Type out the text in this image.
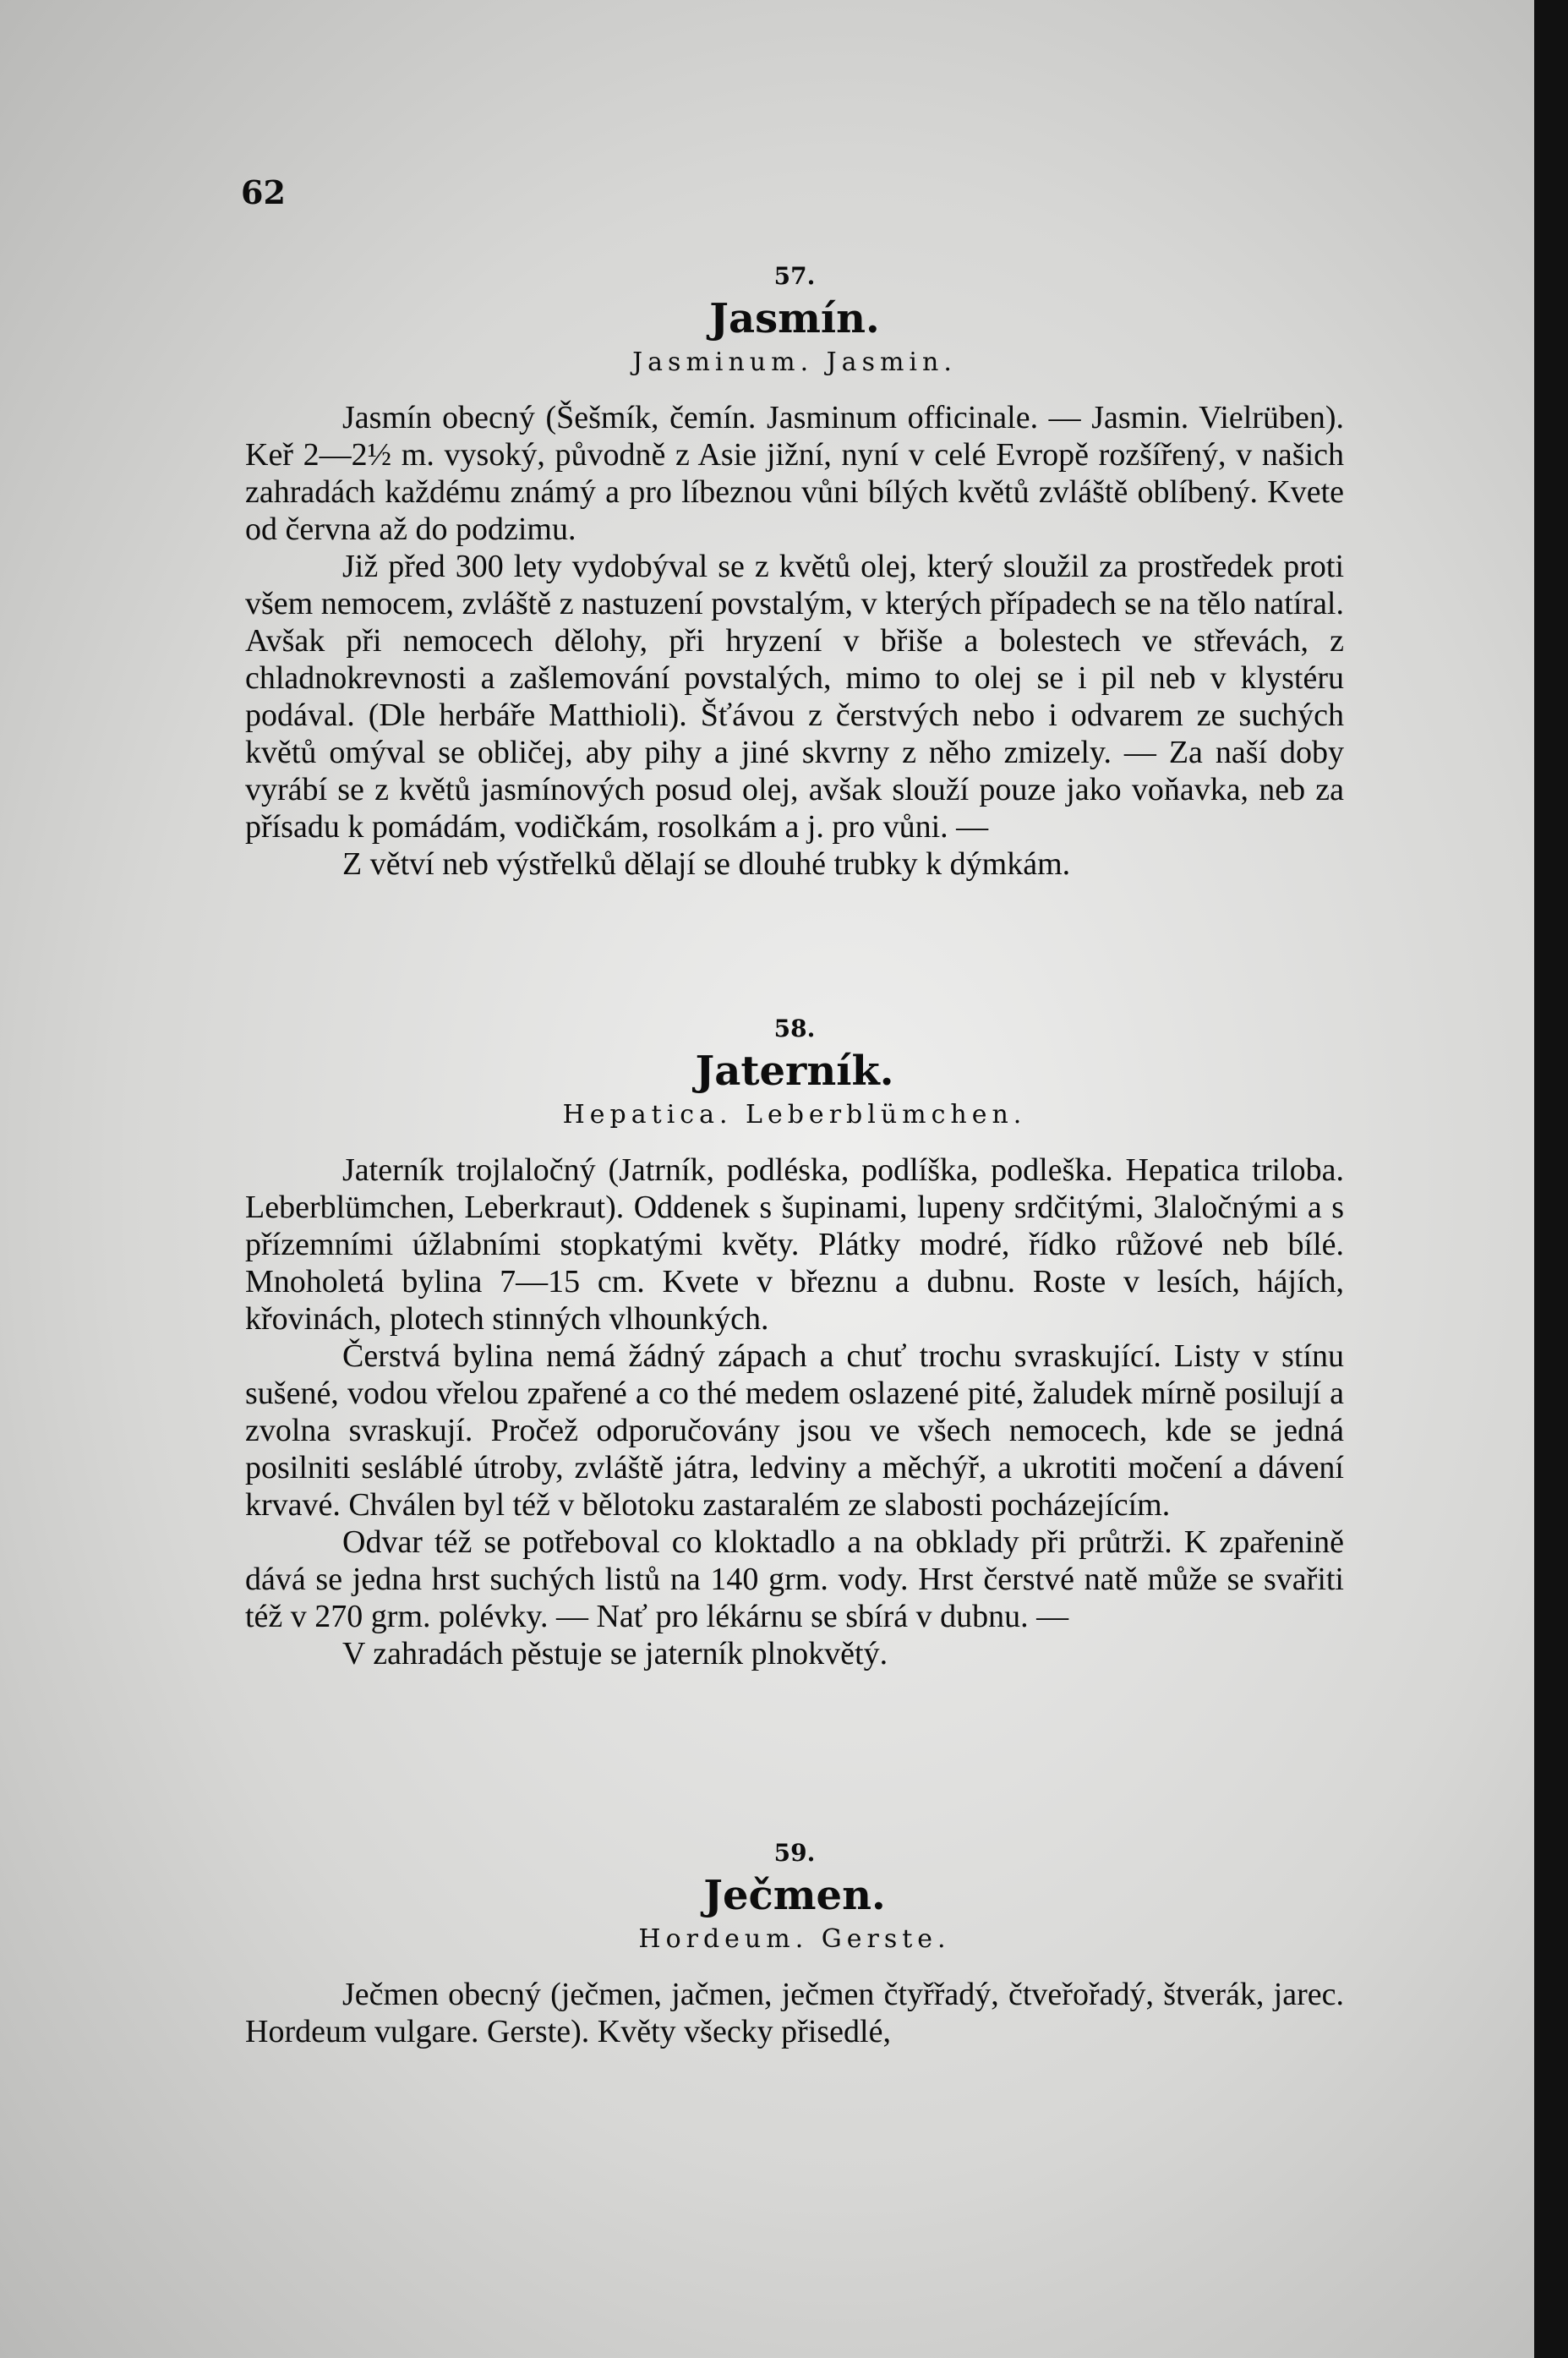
62
57.
Jasmín.
Jasminum. Jasmin.

Jasmín obecný (Šešmík, čemín. Jasminum officinale. — Jasmin. Vielrüben). Keř 2—2½ m. vysoký, původně z Asie jižní, nyní v celé Evropě rozšířený, v našich zahradách každému známý a pro líbeznou vůni bílých květů zvláště oblíbený. Kvete od června až do podzimu.

Již před 300 lety vydobýval se z květů olej, který sloužil za prostředek proti všem nemocem, zvláště z nastuzení povstalým, v kterých případech se na tělo natíral. Avšak při nemocech dělohy, při hryzení v břiše a bolestech ve střevách, z chladnokrevnosti a zašlemování povstalých, mimo to olej se i pil neb v klystéru podával. (Dle herbáře Matthioli). Šťávou z čerstvých nebo i odvarem ze suchých květů omýval se obličej, aby pihy a jiné skvrny z něho zmizely. — Za naší doby vyrábí se z květů jasmínových posud olej, avšak slouží pouze jako voňavka, neb za přísadu k pomádám, vodičkám, rosolkám a j. pro vůni. —

Z větví neb výstřelků dělají se dlouhé trubky k dýmkám.

58.
Jaterník.
Hepatica. Leberblümchen.

Jaterník trojlaločný (Jatrník, podléska, podlíška, podleška. Hepatica triloba. Leberblümchen, Leberkraut). Oddenek s šupinami, lupeny srdčitými, 3laločnými a s přízemními úžlabními stopkatými květy. Plátky modré, řídko růžové neb bílé. Mnoholetá bylina 7—15 cm. Kvete v březnu a dubnu. Roste v lesích, hájích, křovinách, plotech stinných vlhounkých.

Čerstvá bylina nemá žádný zápach a chuť trochu svraskující. Listy v stínu sušené, vodou vřelou zpařené a co thé medem oslazené pité, žaludek mírně posilují a zvolna svraskují. Pročež odporučovány jsou ve všech nemocech, kde se jedná posilniti sesláblé útroby, zvláště játra, ledviny a měchýř, a ukrotiti močení a dávení krvavé. Chválen byl též v bělotoku zastaralém ze slabosti pocházejícím.

Odvar též se potřeboval co kloktadlo a na obklady při průtrži. K zpařenině dává se jedna hrst suchých listů na 140 grm. vody. Hrst čerstvé natě může se svařiti též v 270 grm. polévky. — Nať pro lékárnu se sbírá v dubnu. —

V zahradách pěstuje se jaterník plnokvětý.

59.
Ječmen.
Hordeum. Gerste.

Ječmen obecný (ječmen, jačmen, ječmen čtyřřadý, čtveřořadý, štverák, jarec. Hordeum vulgare. Gerste). Květy všecky přisedlé,
